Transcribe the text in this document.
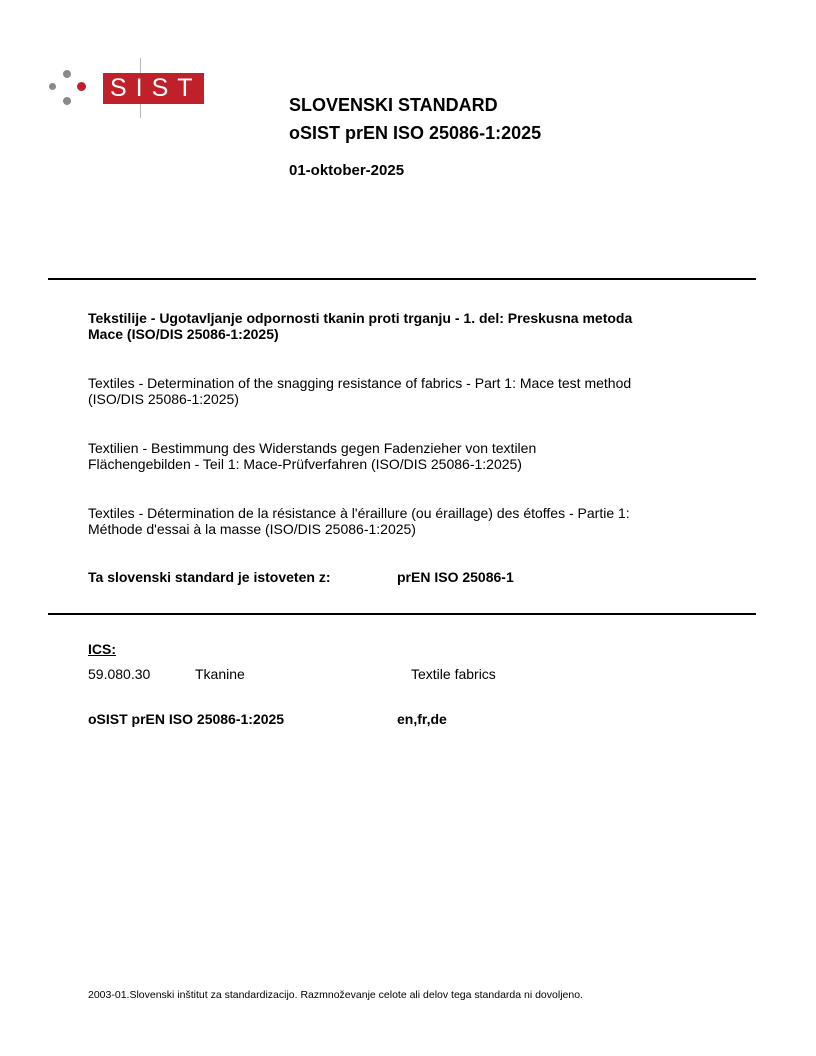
SIST
SLOVENSKI STANDARD
oSIST prEN ISO 25086-1:2025
01-oktober-2025
Tekstilije - Ugotavljanje odpornosti tkanin proti trganju - 1. del: Preskusna metoda
Mace (ISO/DIS 25086-1:2025)
Textiles - Determination of the snagging resistance of fabrics - Part 1: Mace test method
(ISO/DIS 25086-1:2025)
Textilien - Bestimmung des Widerstands gegen Fadenzieher von textilen
Flächengebilden - Teil 1: Mace-Prüfverfahren (ISO/DIS 25086-1:2025)
Textiles - Détermination de la résistance à l'éraillure (ou éraillage) des étoffes - Partie 1:
Méthode d'essai à la masse (ISO/DIS 25086-1:2025)
Ta slovenski standard je istoveten z:	prEN ISO 25086-1
ICS:
59.080.30	Tkanine	Textile fabrics
oSIST prEN ISO 25086-1:2025	en,fr,de
2003-01.Slovenski inštitut za standardizacijo. Razmnoževanje celote ali delov tega standarda ni dovoljeno.
